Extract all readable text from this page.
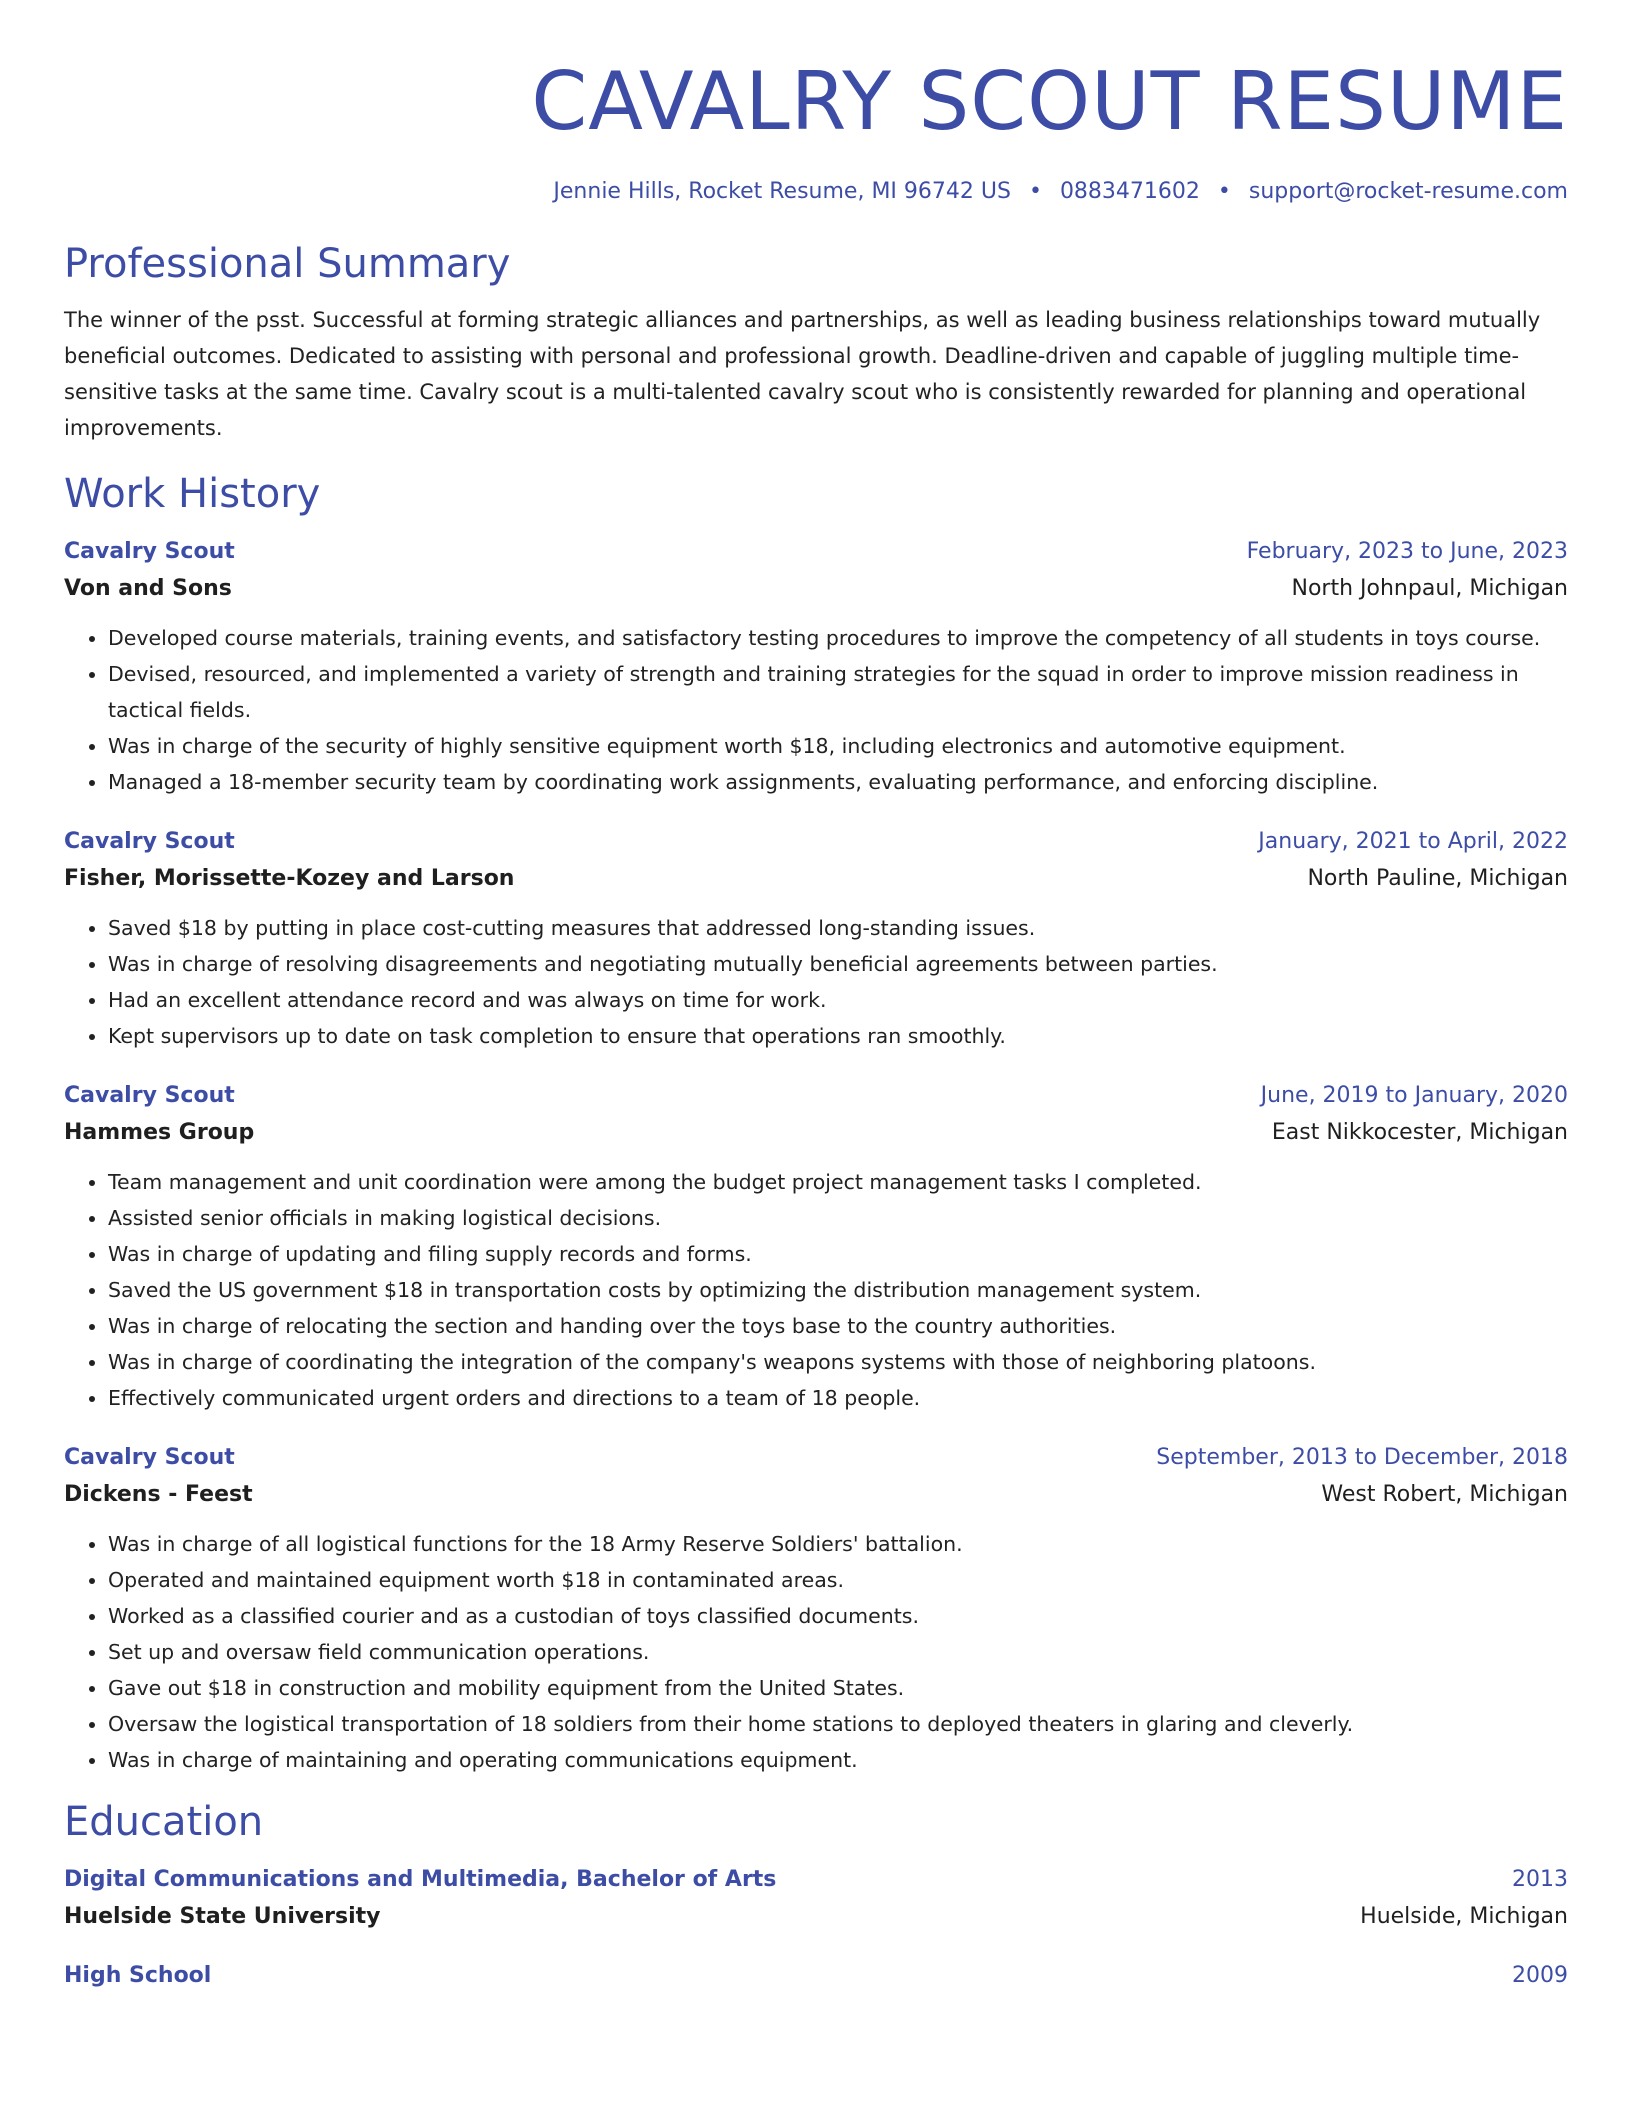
CAVALRY SCOUT RESUME
Jennie Hills, Rocket Resume, MI 96742 US • 0883471602 • support@rocket-resume.com
Professional Summary

The winner of the psst. Successful at forming strategic alliances and partnerships, as well as leading business relationships toward mutually beneficial outcomes. Dedicated to assisting with personal and professional growth. Deadline-driven and capable of juggling multiple time-sensitive tasks at the same time. Cavalry scout is a multi-talented cavalry scout who is consistently rewarded for planning and operational improvements.

Work History
Cavalry Scout	February, 2023 to June, 2023
Von and Sons	North Johnpaul, Michigan
• Developed course materials, training events, and satisfactory testing procedures to improve the competency of all students in toys course.
• Devised, resourced, and implemented a variety of strength and training strategies for the squad in order to improve mission readiness in tactical fields.
• Was in charge of the security of highly sensitive equipment worth $18, including electronics and automotive equipment.
• Managed a 18-member security team by coordinating work assignments, evaluating performance, and enforcing discipline.
Cavalry Scout	January, 2021 to April, 2022
Fisher, Morissette-Kozey and Larson	North Pauline, Michigan
• Saved $18 by putting in place cost-cutting measures that addressed long-standing issues.
• Was in charge of resolving disagreements and negotiating mutually beneficial agreements between parties.
• Had an excellent attendance record and was always on time for work.
• Kept supervisors up to date on task completion to ensure that operations ran smoothly.
Cavalry Scout	June, 2019 to January, 2020
Hammes Group	East Nikkocester, Michigan
• Team management and unit coordination were among the budget project management tasks I completed.
• Assisted senior officials in making logistical decisions.
• Was in charge of updating and filing supply records and forms.
• Saved the US government $18 in transportation costs by optimizing the distribution management system.
• Was in charge of relocating the section and handing over the toys base to the country authorities.
• Was in charge of coordinating the integration of the company's weapons systems with those of neighboring platoons.
• Effectively communicated urgent orders and directions to a team of 18 people.
Cavalry Scout	September, 2013 to December, 2018
Dickens - Feest	West Robert, Michigan
• Was in charge of all logistical functions for the 18 Army Reserve Soldiers' battalion.
• Operated and maintained equipment worth $18 in contaminated areas.
• Worked as a classified courier and as a custodian of toys classified documents.
• Set up and oversaw field communication operations.
• Gave out $18 in construction and mobility equipment from the United States.
• Oversaw the logistical transportation of 18 soldiers from their home stations to deployed theaters in glaring and cleverly.
• Was in charge of maintaining and operating communications equipment.
Education
Digital Communications and Multimedia, Bachelor of Arts	2013
Huelside State University	Huelside, Michigan
High School	2009
